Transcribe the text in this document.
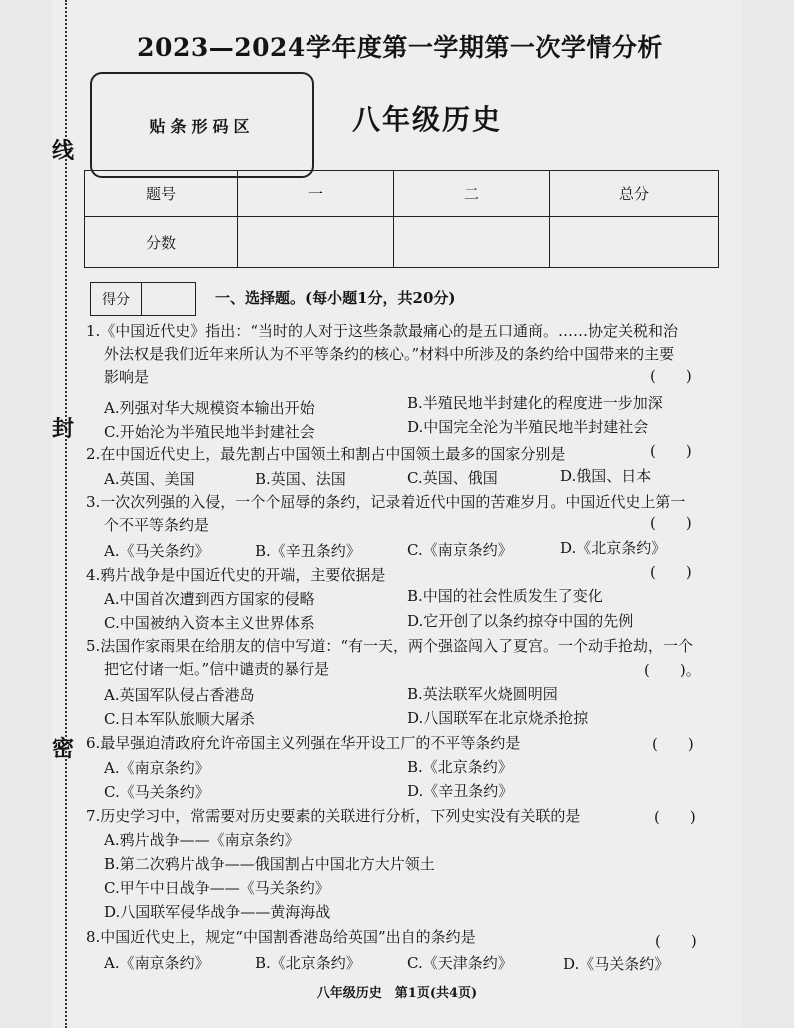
线
封
密
2023—2024学年度第一学期第一次学情分析
贴条形码区	八年级历史
题号	一	二	总分
分数			
得分	一、选择题。(每小题1分，共20分)
1.《中国近代史》指出：“当时的人对于这些条款最痛心的是五口通商。……协定关税和治
外法权是我们近年来所认为不平等条约的核心。”材料中所涉及的条约给中国带来的主要
影响是	(　　)
A.列强对华大规模资本输出开始	B.半殖民地半封建化的程度进一步加深
C.开始沦为半殖民地半封建社会	D.中国完全沦为半殖民地半封建社会
2.在中国近代史上，最先割占中国领土和割占中国领土最多的国家分别是	(　　)
A.英国、美国	B.英国、法国	C.英国、俄国	D.俄国、日本
3.一次次列强的入侵，一个个屈辱的条约，记录着近代中国的苦难岁月。中国近代史上第一
个不平等条约是	(　　)
A.《马关条约》	B.《辛丑条约》	C.《南京条约》	D.《北京条约》
4.鸦片战争是中国近代史的开端，主要依据是	(　　)
A.中国首次遭到西方国家的侵略	B.中国的社会性质发生了变化
C.中国被纳入资本主义世界体系	D.它开创了以条约掠夺中国的先例
5.法国作家雨果在给朋友的信中写道：“有一天，两个强盗闯入了夏宫。一个动手抢劫，一个
把它付诸一炬。”信中谴责的暴行是	(　　)。
A.英国军队侵占香港岛	B.英法联军火烧圆明园
C.日本军队旅顺大屠杀	D.八国联军在北京烧杀抢掠
6.最早强迫清政府允许帝国主义列强在华开设工厂的不平等条约是	(　　)
A.《南京条约》	B.《北京条约》
C.《马关条约》	D.《辛丑条约》
7.历史学习中，常需要对历史要素的关联进行分析，下列史实没有关联的是	(　　)
A.鸦片战争——《南京条约》
B.第二次鸦片战争——俄国割占中国北方大片领土
C.甲午中日战争——《马关条约》
D.八国联军侵华战争——黄海海战
8.中国近代史上，规定“中国割香港岛给英国”出自的条约是	(　　)
A.《南京条约》	B.《北京条约》	C.《天津条约》	D.《马关条约》
八年级历史　第1页(共4页)
